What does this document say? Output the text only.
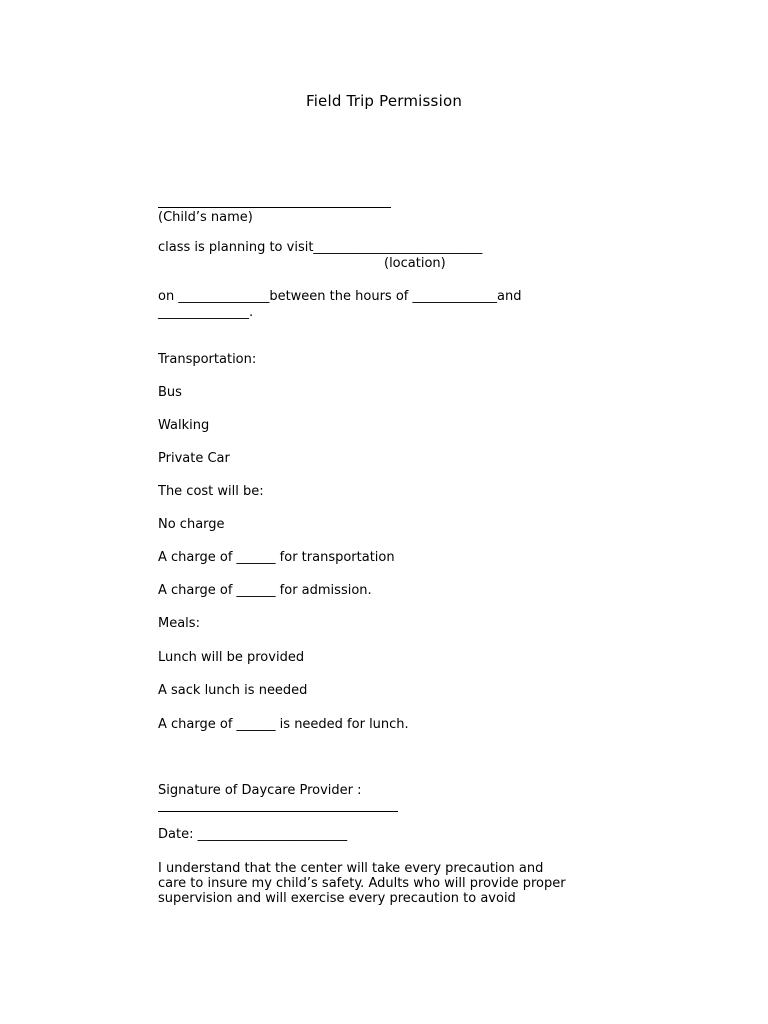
Field Trip Permission
(Child’s name)
class is planning to visit__________________________
(location)
on ______________between the hours of _____________and
______________.
Transportation:
Bus
Walking
Private Car
The cost will be:
No charge
A charge of ______ for transportation
A charge of ______ for admission.
Meals:
Lunch will be provided
A sack lunch is needed
A charge of ______ is needed for lunch.
Signature of Daycare Provider :
Date: _______________________
I understand that the center will take every precaution and
care to insure my child’s safety. Adults who will provide proper
supervision and will exercise every precaution to avoid
